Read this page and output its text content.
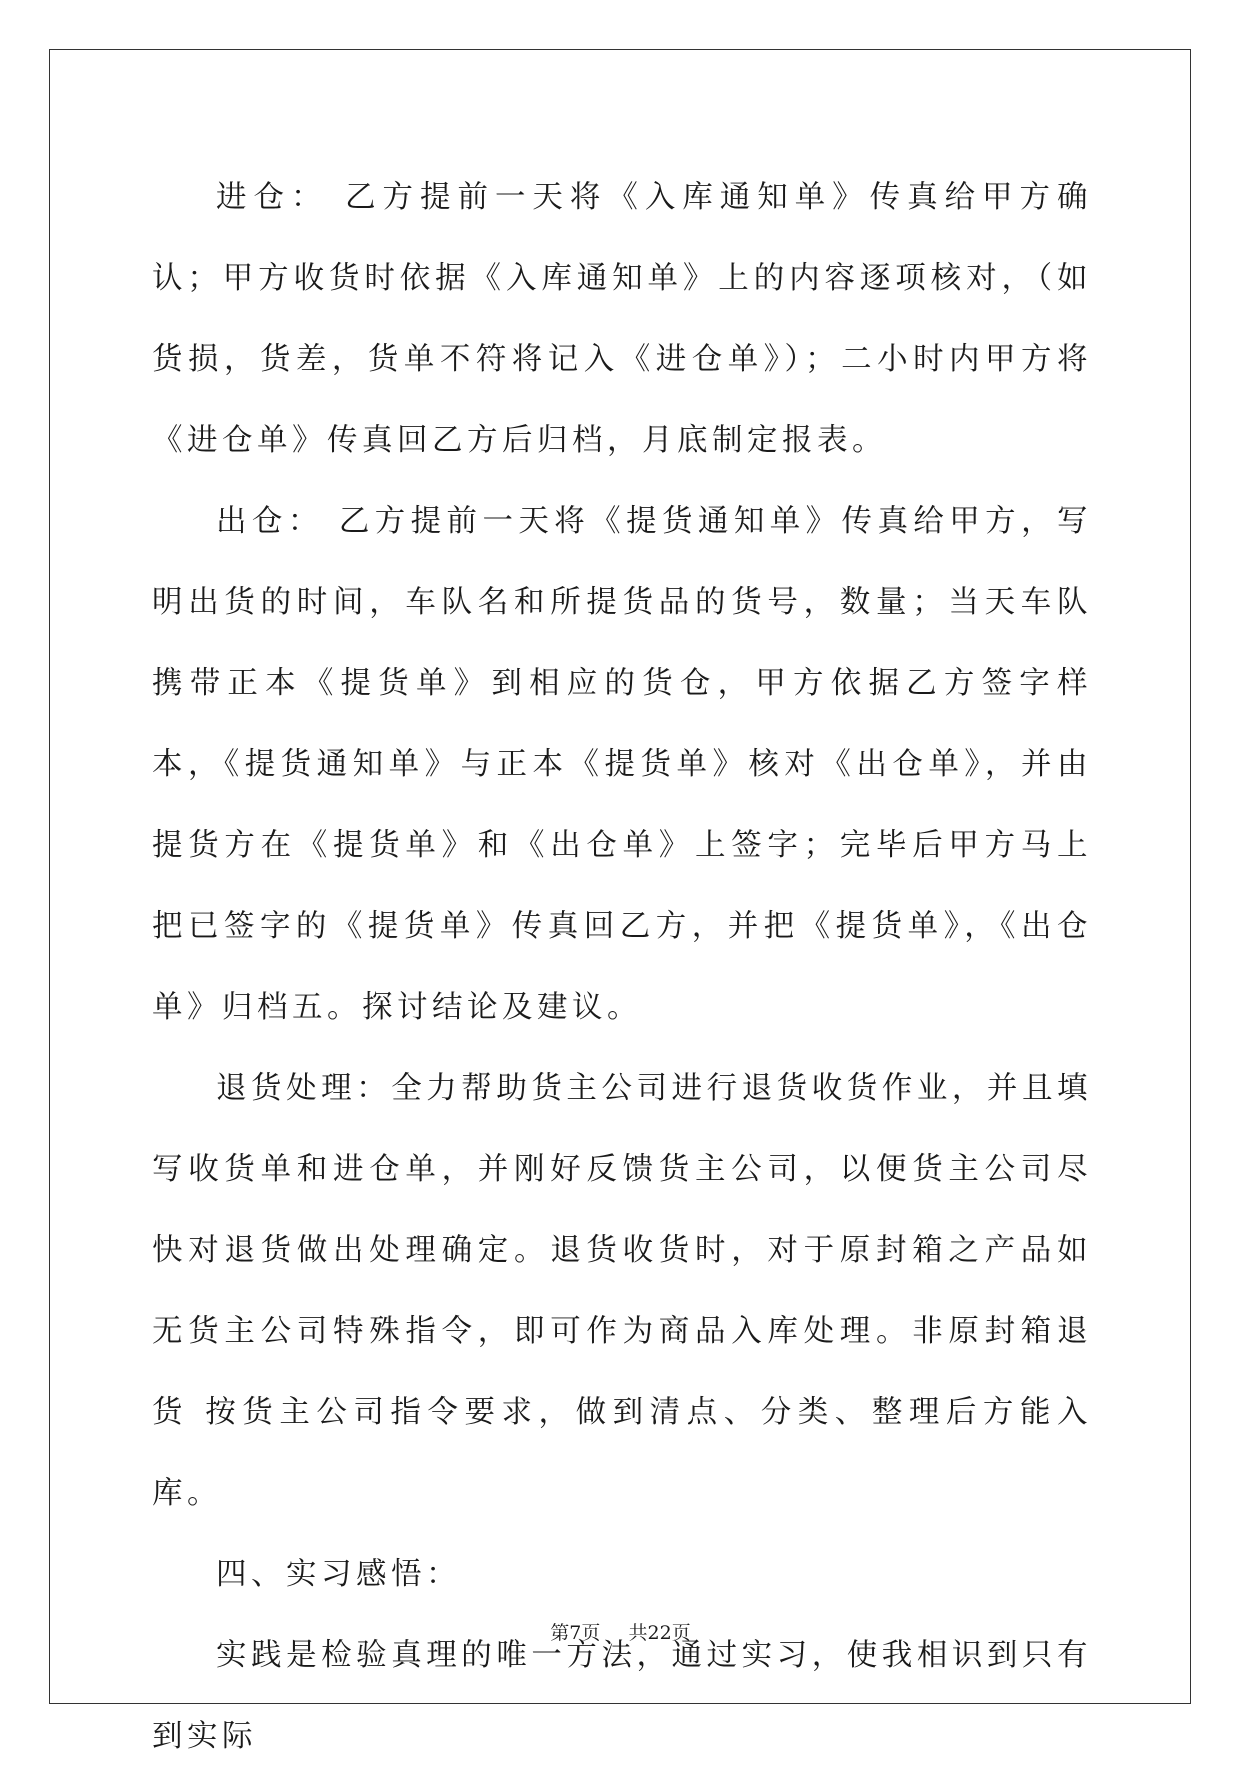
进仓： 乙方提前一天将《入库通知单》传真给甲方确认；甲方收货时依据《入库通知单》上的内容逐项核对，（如货损，货差，货单不符将记入《进仓单》）；二小时内甲方将《进仓单》传真回乙方后归档，月底制定报表。

出仓： 乙方提前一天将《提货通知单》传真给甲方，写明出货的时间，车队名和所提货品的货号，数量；当天车队携带正本《提货单》到相应的货仓，甲方依据乙方签字样本，《提货通知单》与正本《提货单》核对《出仓单》，并由提货方在《提货单》和《出仓单》上签字；完毕后甲方马上把已签字的《提货单》传真回乙方，并把《提货单》，《出仓单》归档五。探讨结论及建议。

退货处理：全力帮助货主公司进行退货收货作业，并且填写收货单和进仓单，并刚好反馈货主公司，以便货主公司尽快对退货做出处理确定。退货收货时，对于原封箱之产品如无货主公司特殊指令，即可作为商品入库处理。非原封箱退货 按货主公司指令要求，做到清点、分类、整理后方能入库。

四、实习感悟：

实践是检验真理的唯一方法，通过实习，使我相识到只有到实际

第7页 共22页
